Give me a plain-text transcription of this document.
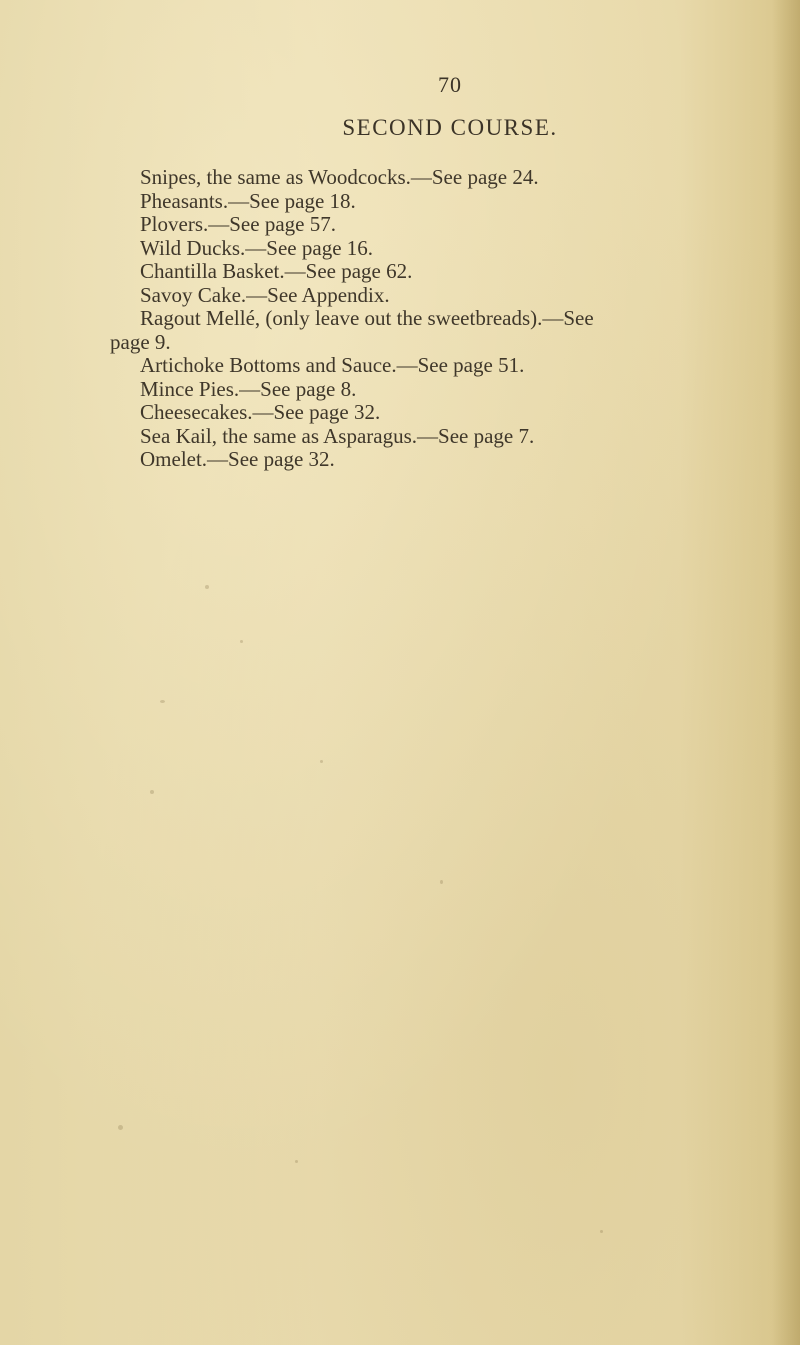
70
SECOND COURSE.
Snipes, the same as Woodcocks.—See page 24.
Pheasants.—See page 18.
Plovers.—See page 57.
Wild Ducks.—See page 16.
Chantilla Basket.—See page 62.
Savoy Cake.—See Appendix.
Ragout Mellé, (only leave out the sweetbreads).—See
page 9.
Artichoke Bottoms and Sauce.—See page 51.
Mince Pies.—See page 8.
Cheesecakes.—See page 32.
Sea Kail, the same as Asparagus.—See page 7.
Omelet.—See page 32.
